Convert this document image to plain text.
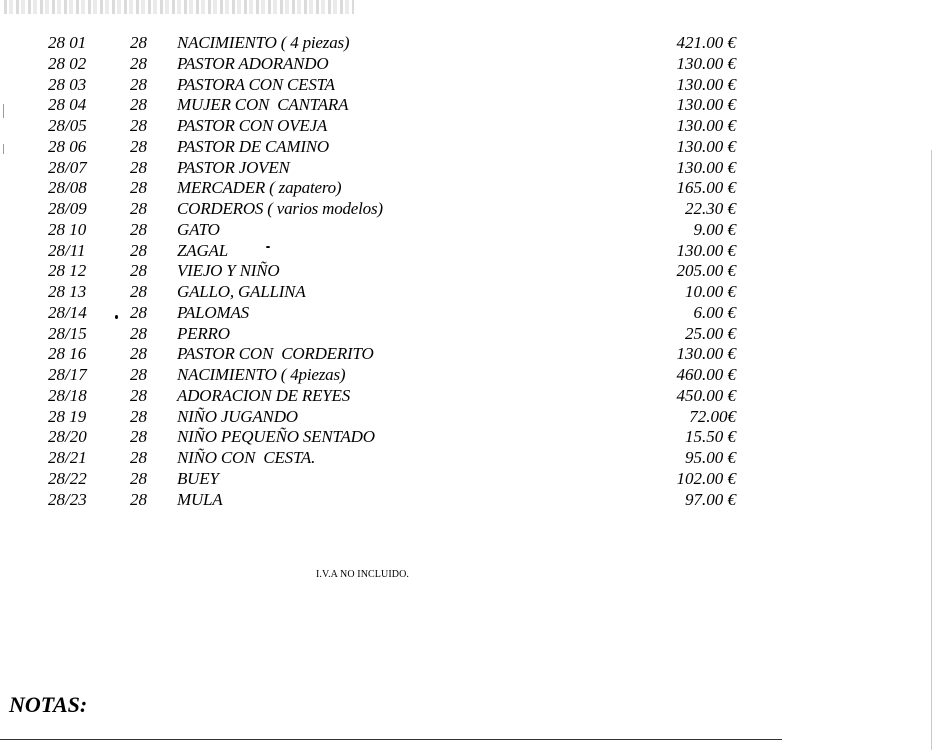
28 01	28 NACIMIENTO ( 4 piezas)	421.00 €
28 02	28 PASTOR ADORANDO	130.00 €
28 03	28 PASTORA CON CESTA	130.00 €
28 04	28 MUJER CON  CANTARA	130.00 €
28/05	28 PASTOR CON OVEJA	130.00 €
28 06	28 PASTOR DE CAMINO	130.00 €
28/07	28 PASTOR JOVEN	130.00 €
28/08	28 MERCADER ( zapatero)	165.00 €
28/09	28 CORDEROS ( varios modelos)	22.30 €
28 10	28 GATO	9.00 €
28/11	28 ZAGAL	130.00 €
28 12	28 VIEJO Y NIÑO	205.00 €
28 13	28 GALLO, GALLINA	10.00 €
28/14	28 PALOMAS	6.00 €
28/15	28 PERRO	25.00 €
28 16	28 PASTOR CON  CORDERITO	130.00 €
28/17	28 NACIMIENTO ( 4piezas)	460.00 €
28/18	28 ADORACION DE REYES	450.00 €
28 19	28 NIÑO JUGANDO	72.00€
28/20	28 NIÑO PEQUEÑO SENTADO	15.50 €
28/21	28 NIÑO CON  CESTA.	95.00 €
28/22	28 BUEY	102.00 €
28/23	28 MULA	97.00 €
I.V.A NO INCLUIDO.
NOTAS:
